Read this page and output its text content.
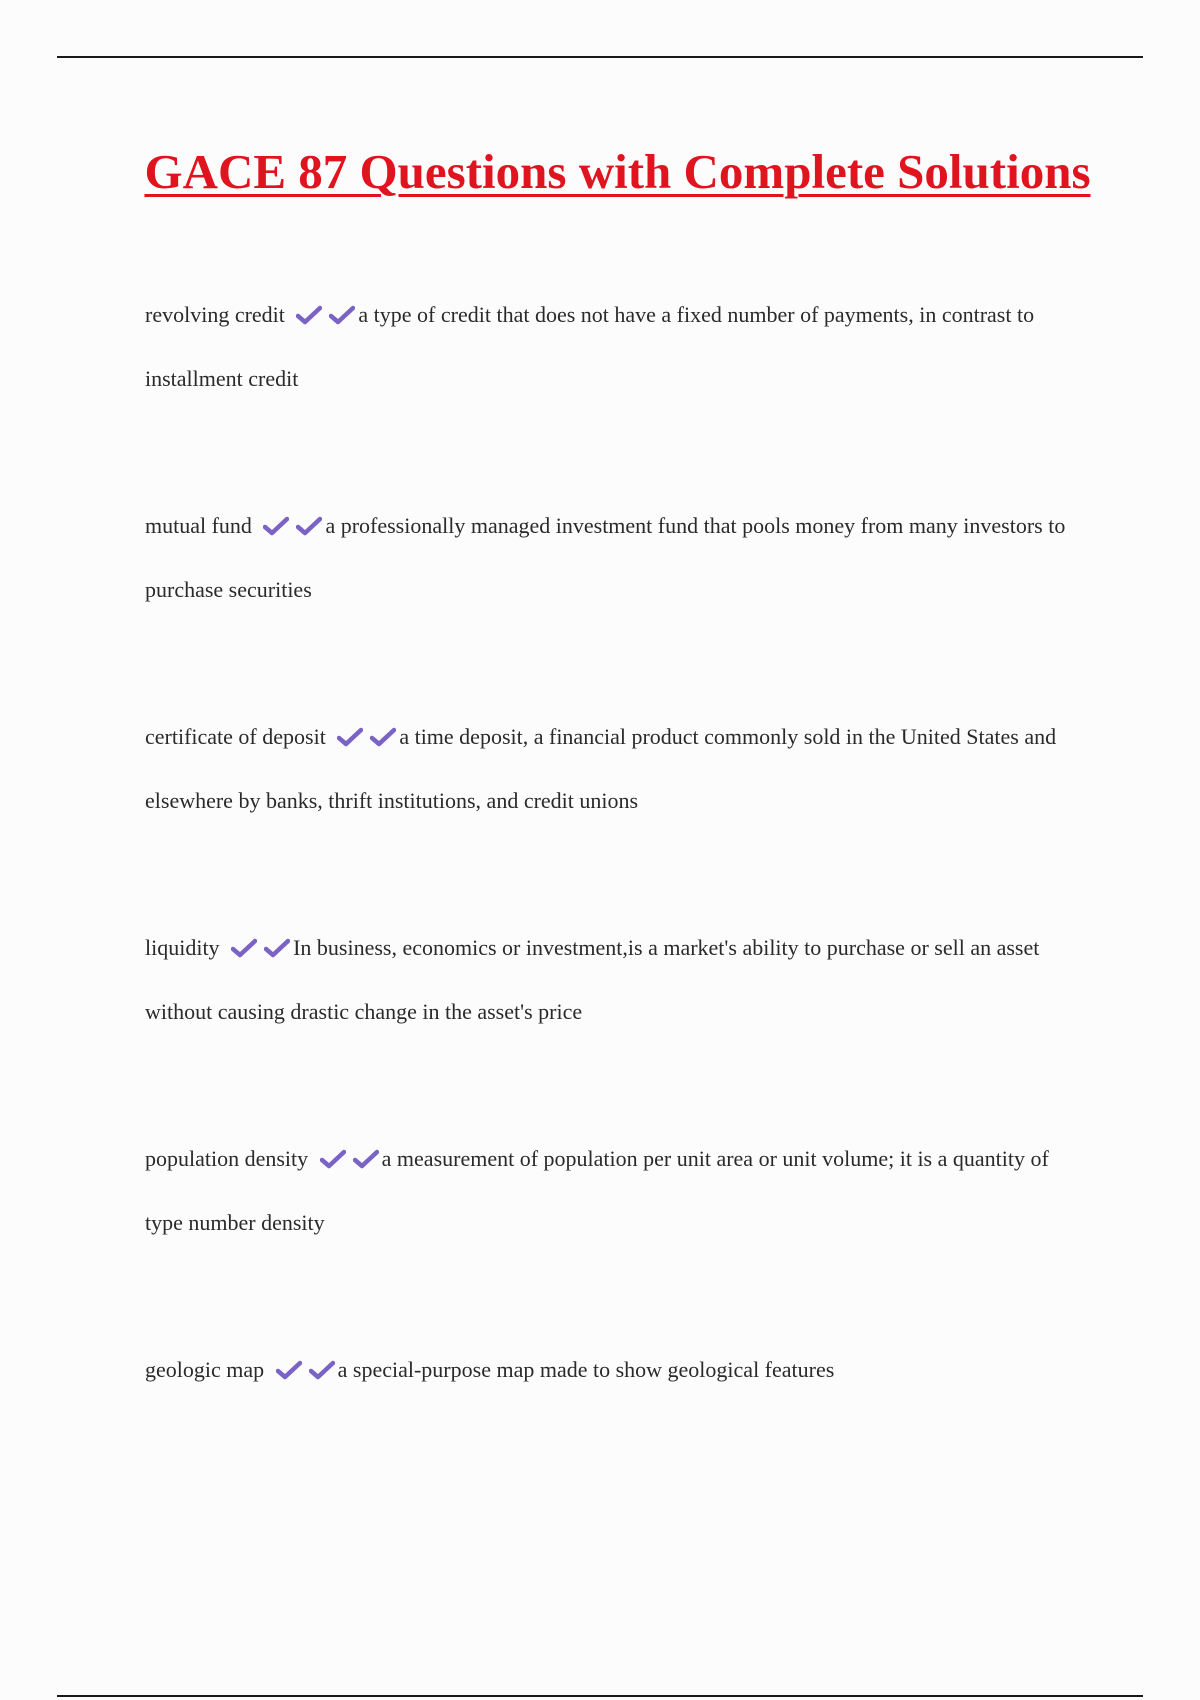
GACE 87 Questions with Complete Solutions

revolving credit	a type of credit that does not have a fixed number of payments, in contrast to installment credit

mutual fund	a professionally managed investment fund that pools money from many investors to purchase securities

certificate of deposit	a time deposit, a financial product commonly sold in the United States and elsewhere by banks, thrift institutions, and credit unions

liquidity	In business, economics or investment,is a market's ability to purchase or sell an asset without causing drastic change in the asset's price

population density	a measurement of population per unit area or unit volume; it is a quantity of type number density

geologic map	a special-purpose map made to show geological features
